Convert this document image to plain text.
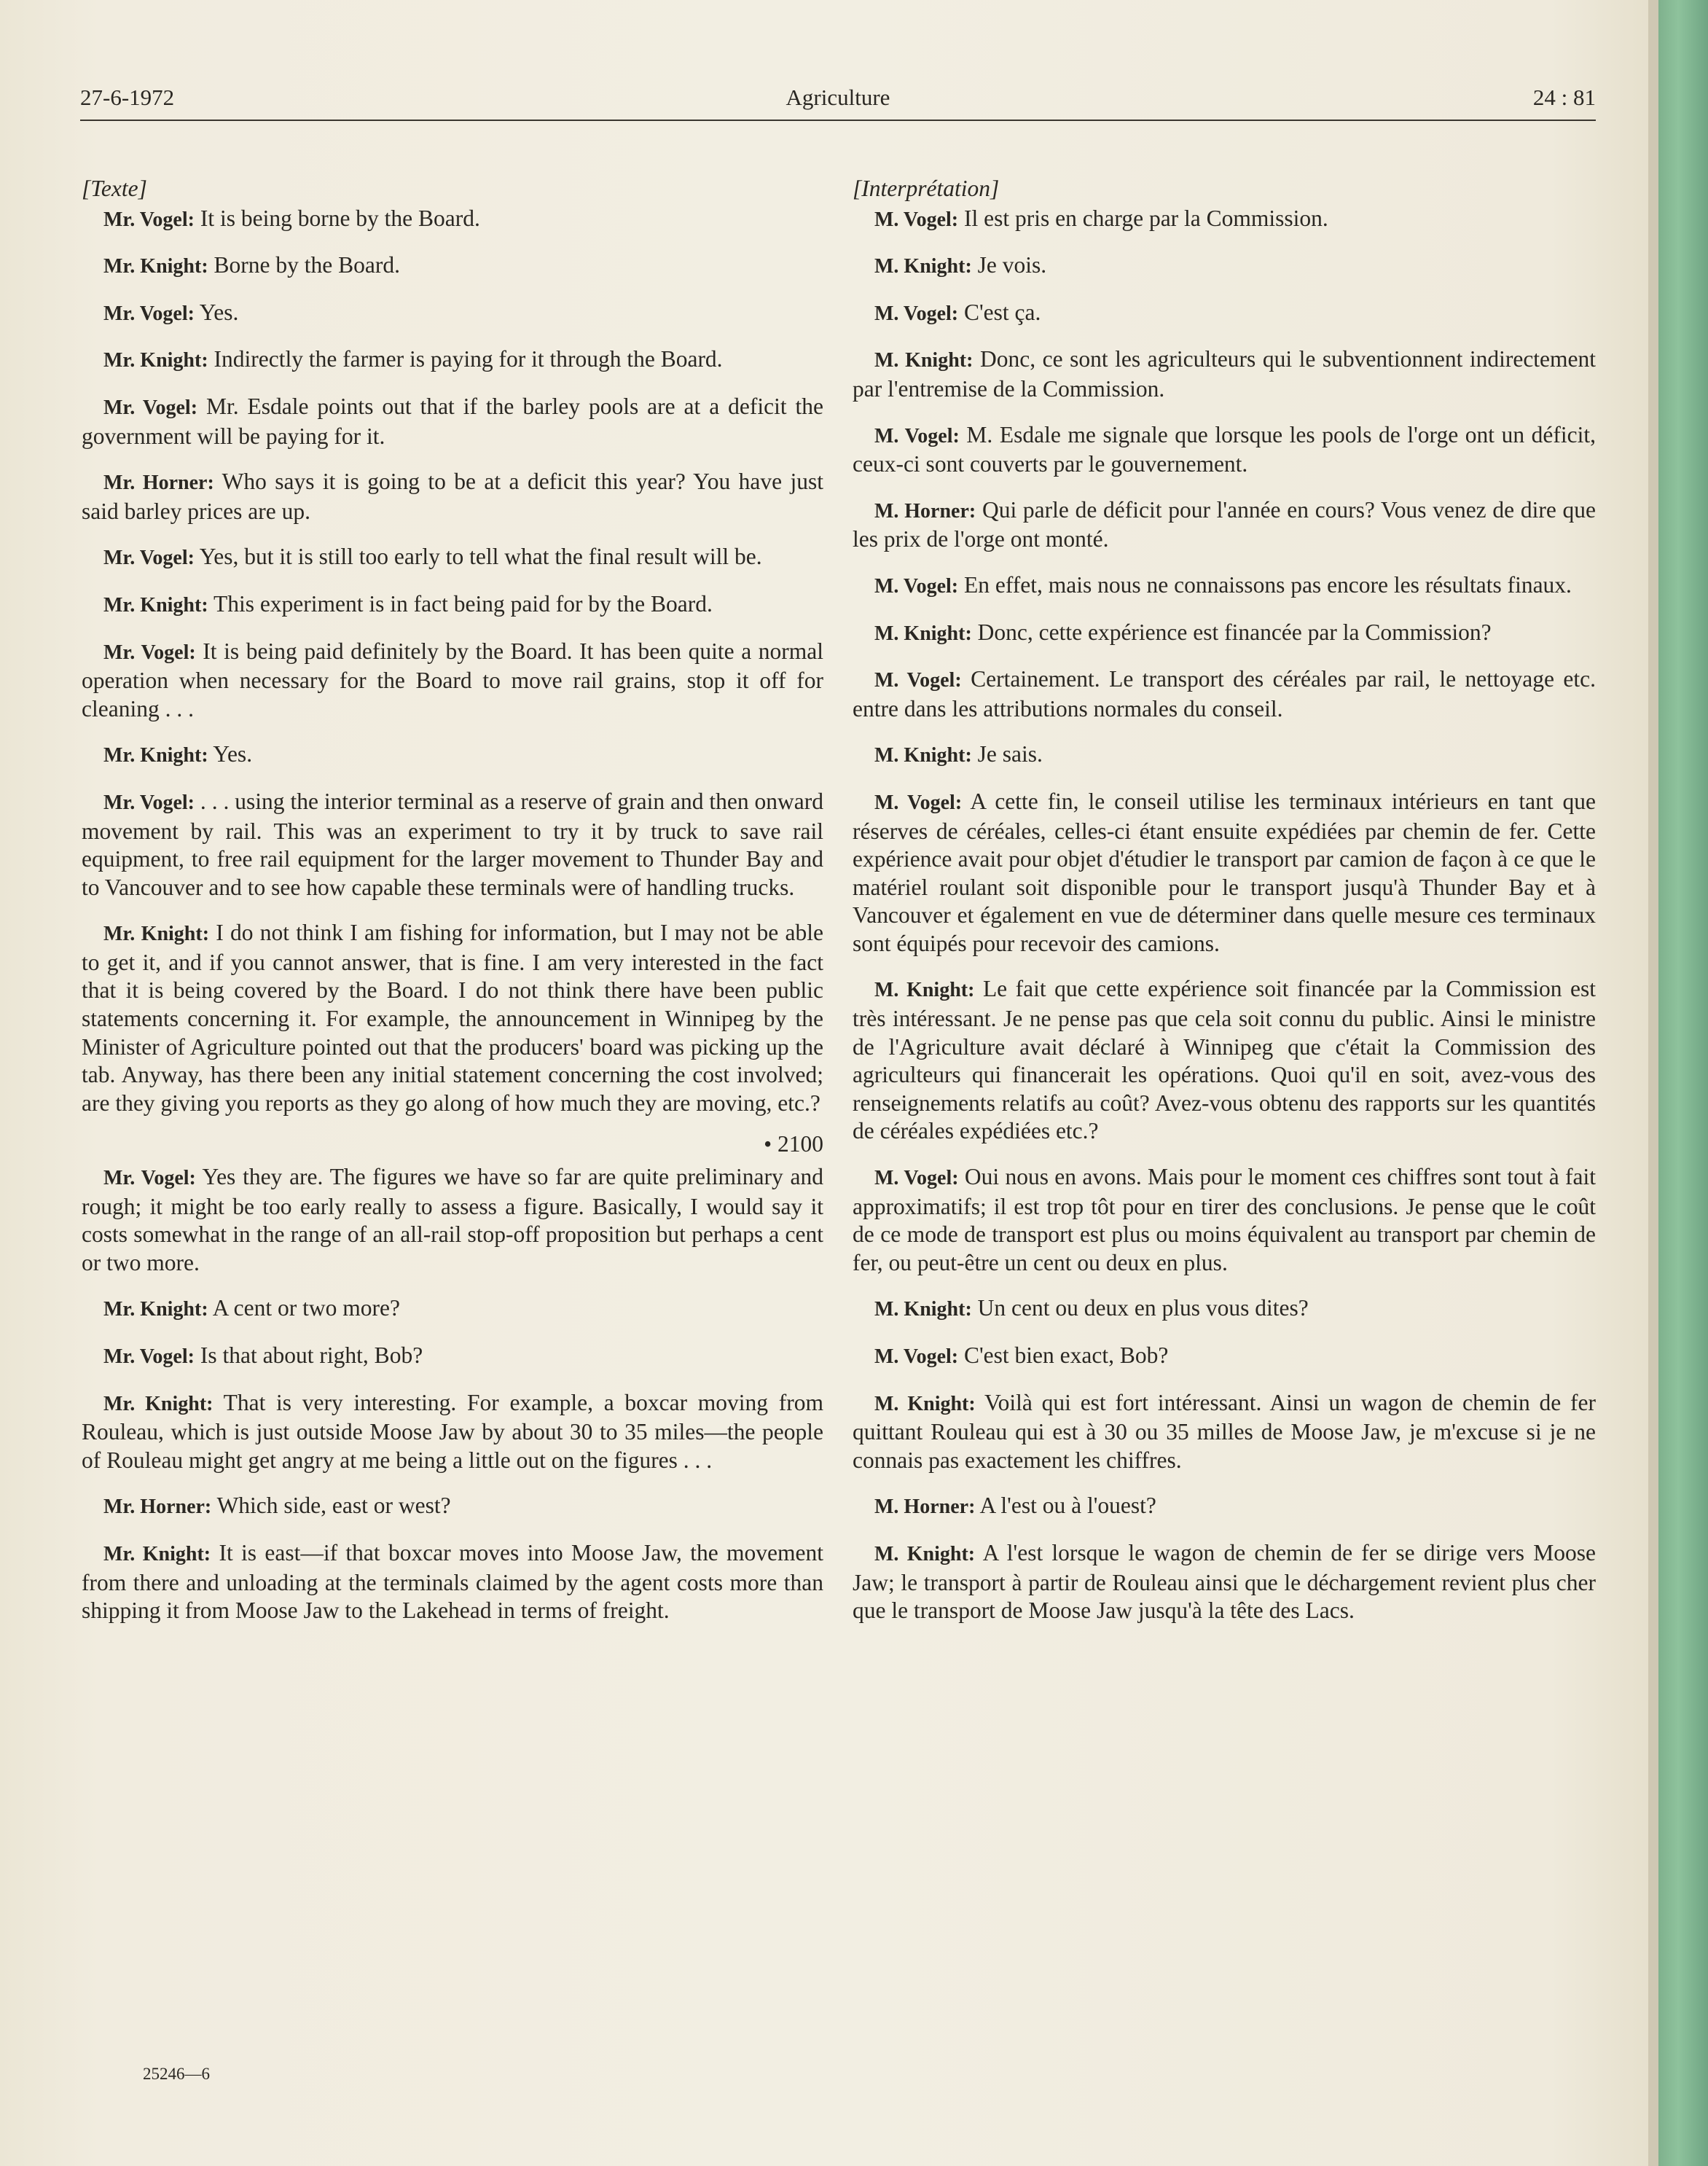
27-6-1972	Agriculture	24 : 81
[Texte]

Mr. Vogel: It is being borne by the Board.

Mr. Knight: Borne by the Board.

Mr. Vogel: Yes.

Mr. Knight: Indirectly the farmer is paying for it through the Board.

Mr. Vogel: Mr. Esdale points out that if the barley pools are at a deficit the government will be paying for it.

Mr. Horner: Who says it is going to be at a deficit this year? You have just said barley prices are up.

Mr. Vogel: Yes, but it is still too early to tell what the final result will be.

Mr. Knight: This experiment is in fact being paid for by the Board.

Mr. Vogel: It is being paid definitely by the Board. It has been quite a normal operation when necessary for the Board to move rail grains, stop it off for cleaning . . .

Mr. Knight: Yes.

Mr. Vogel: . . . using the interior terminal as a reserve of grain and then onward movement by rail. This was an experiment to try it by truck to save rail equipment, to free rail equipment for the larger movement to Thunder Bay and to Vancouver and to see how capable these terminals were of handling trucks.

Mr. Knight: I do not think I am fishing for information, but I may not be able to get it, and if you cannot answer, that is fine. I am very interested in the fact that it is being covered by the Board. I do not think there have been public statements concerning it. For example, the announcement in Winnipeg by the Minister of Agriculture pointed out that the producers' board was picking up the tab. Anyway, has there been any initial statement concerning the cost involved; are they giving you reports as they go along of how much they are moving, etc.?

• 2100

Mr. Vogel: Yes they are. The figures we have so far are quite preliminary and rough; it might be too early really to assess a figure. Basically, I would say it costs somewhat in the range of an all-rail stop-off proposition but perhaps a cent or two more.

Mr. Knight: A cent or two more?

Mr. Vogel: Is that about right, Bob?

Mr. Knight: That is very interesting. For example, a boxcar moving from Rouleau, which is just outside Moose Jaw by about 30 to 35 miles—the people of Rouleau might get angry at me being a little out on the figures . . .

Mr. Horner: Which side, east or west?

Mr. Knight: It is east—if that boxcar moves into Moose Jaw, the movement from there and unloading at the terminals claimed by the agent costs more than shipping it from Moose Jaw to the Lakehead in terms of freight.

[Interprétation]

M. Vogel: Il est pris en charge par la Commission.

M. Knight: Je vois.

M. Vogel: C'est ça.

M. Knight: Donc, ce sont les agriculteurs qui le subventionnent indirectement par l'entremise de la Commission.

M. Vogel: M. Esdale me signale que lorsque les pools de l'orge ont un déficit, ceux-ci sont couverts par le gouvernement.

M. Horner: Qui parle de déficit pour l'année en cours? Vous venez de dire que les prix de l'orge ont monté.

M. Vogel: En effet, mais nous ne connaissons pas encore les résultats finaux.

M. Knight: Donc, cette expérience est financée par la Commission?

M. Vogel: Certainement. Le transport des céréales par rail, le nettoyage etc. entre dans les attributions normales du conseil.

M. Knight: Je sais.

M. Vogel: A cette fin, le conseil utilise les terminaux intérieurs en tant que réserves de céréales, celles-ci étant ensuite expédiées par chemin de fer. Cette expérience avait pour objet d'étudier le transport par camion de façon à ce que le matériel roulant soit disponible pour le transport jusqu'à Thunder Bay et à Vancouver et également en vue de déterminer dans quelle mesure ces terminaux sont équipés pour recevoir des camions.

M. Knight: Le fait que cette expérience soit financée par la Commission est très intéressant. Je ne pense pas que cela soit connu du public. Ainsi le ministre de l'Agriculture avait déclaré à Winnipeg que c'était la Commission des agriculteurs qui financerait les opérations. Quoi qu'il en soit, avez-vous des renseignements relatifs au coût? Avez-vous obtenu des rapports sur les quantités de céréales expédiées etc.?

M. Vogel: Oui nous en avons. Mais pour le moment ces chiffres sont tout à fait approximatifs; il est trop tôt pour en tirer des conclusions. Je pense que le coût de ce mode de transport est plus ou moins équivalent au transport par chemin de fer, ou peut-être un cent ou deux en plus.

M. Knight: Un cent ou deux en plus vous dites?

M. Vogel: C'est bien exact, Bob?

M. Knight: Voilà qui est fort intéressant. Ainsi un wagon de chemin de fer quittant Rouleau qui est à 30 ou 35 milles de Moose Jaw, je m'excuse si je ne connais pas exactement les chiffres.

M. Horner: A l'est ou à l'ouest?

M. Knight: A l'est lorsque le wagon de chemin de fer se dirige vers Moose Jaw; le transport à partir de Rouleau ainsi que le déchargement revient plus cher que le transport de Moose Jaw jusqu'à la tête des Lacs.

25246—6
